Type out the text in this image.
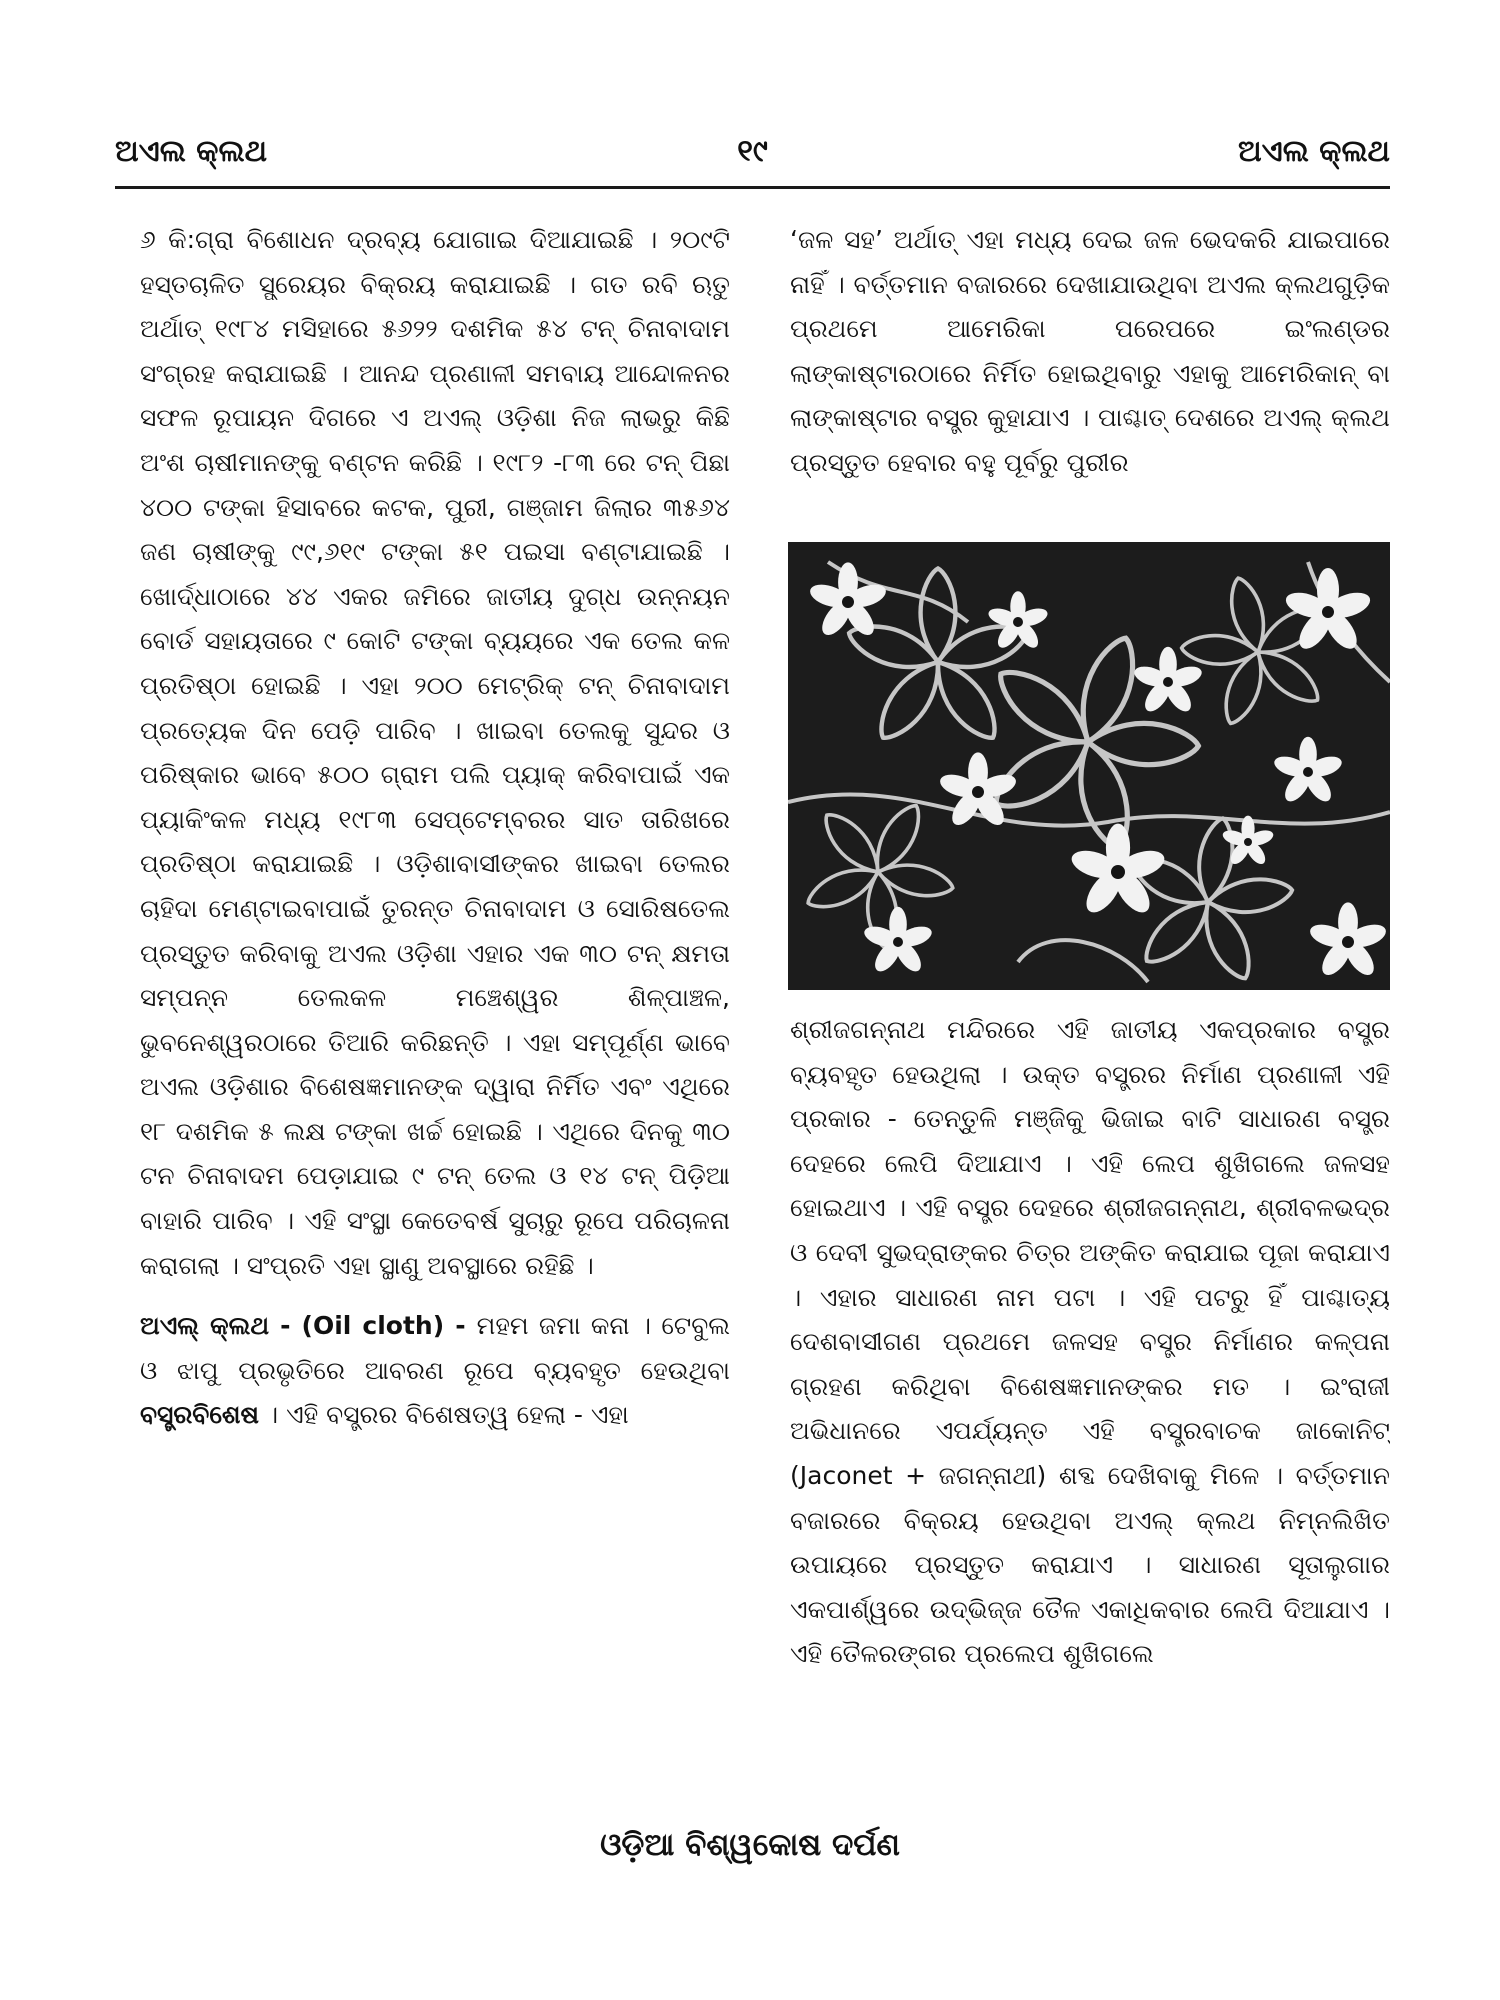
ଅଏଲ କ୍ଲଥ	୧୯	ଅଏଲ କ୍ଲଥ

୬ କି:ଗ୍ରା ବିଶୋଧନ ଦ୍ରବ୍ୟ ଯୋଗାଇ ଦିଆଯାଇଛି । ୨୦୯ଟି ହସ୍ତଚାଳିତ ସ୍ପ୍ରେୟର ବିକ୍ରୟ କରାଯାଇଛି । ଗତ ରବି ଋତୁ ଅର୍ଥାତ୍ ୧୯୮୪ ମସିହାରେ ୫୬୨୨ ଦଶମିକ ୫୪ ଟନ୍ ଚିନାବାଦାମ ସଂଗ୍ରହ କରାଯାଇଛି । ଆନନ୍ଦ ପ୍ରଣାଳୀ ସମବାୟ ଆନ୍ଦୋଳନର ସଫଳ ରୂପାୟନ ଦିଗରେ ଏ ଅଏଲ୍ ଓଡ଼ିଶା ନିଜ ଲାଭରୁ କିଛି ଅଂଶ ଚାଷୀମାନଙ୍କୁ ବଣ୍ଟନ କରିଛି । ୧୯୮୨ -୮୩ ରେ ଟନ୍ ପିଛା ୪୦୦ ଟଙ୍କା ହିସାବରେ କଟକ, ପୁରୀ, ଗଞ୍ଜାମ ଜିଲାର ୩୫୬୪ ଜଣ ଚାଷୀଙ୍କୁ ୯୯,୬୧୯ ଟଙ୍କା ୫୧ ପଇସା ବଣ୍ଟାଯାଇଛି । ଖୋର୍ଦ୍ଧାଠାରେ ୪୪ ଏକର ଜମିରେ ଜାତୀୟ ଦୁଗ୍ଧ ଉନ୍ନୟନ ବୋର୍ଡ ସହାୟତାରେ ୯ କୋଟି ଟଙ୍କା ବ୍ୟୟରେ ଏକ ତେଲ କଳ ପ୍ରତିଷ୍ଠା ହୋଇଛି । ଏହା ୨୦୦ ମେଟ୍ରିକ୍ ଟନ୍ ଚିନାବାଦାମ ପ୍ରତ୍ୟେକ ଦିନ ପେଡ଼ି ପାରିବ । ଖାଇବା ତେଲକୁ ସୁନ୍ଦର ଓ ପରିଷ୍କାର ଭାବେ ୫୦୦ ଗ୍ରାମ ପଲି ପ୍ୟାକ୍ କରିବାପାଇଁ ଏକ ପ୍ୟାକିଂକଳ ମଧ୍ୟ ୧୯୮୩ ସେପ୍ଟେମ୍ବରର ସାତ ତାରିଖରେ ପ୍ରତିଷ୍ଠା କରାଯାଇଛି । ଓଡ଼ିଶାବାସୀଙ୍କର ଖାଇବା ତେଲର ଚାହିଦା ମେଣ୍ଟାଇବାପାଇଁ ତୁରନ୍ତ ଚିନାବାଦାମ ଓ ସୋରିଷତେଲ ପ୍ରସ୍ତୁତ କରିବାକୁ ଅଏଲ ଓଡ଼ିଶା ଏହାର ଏକ ୩୦ ଟନ୍ କ୍ଷମତା ସମ୍ପନ୍ନ ତେଲକଳ ମଞ୍ଚେଶ୍ୱର ଶିଳ୍ପାଞ୍ଚଳ, ଭୁବନେଶ୍ୱରଠାରେ ତିଆରି କରିଛନ୍ତି । ଏହା ସମ୍ପୂର୍ଣ୍ଣ ଭାବେ ଅଏଲ ଓଡ଼ିଶାର ବିଶେଷଜ୍ଞମାନଙ୍କ ଦ୍ୱାରା ନିର୍ମିତ ଏବଂ ଏଥିରେ ୧୮ ଦଶମିକ ୫ ଲକ୍ଷ ଟଙ୍କା ଖର୍ଚ୍ଚ ହୋଇଛି । ଏଥିରେ ଦିନକୁ ୩୦ ଟନ ଚିନାବାଦମ ପେଡ଼ାଯାଇ ୯ ଟନ୍ ତେଲ ଓ ୧୪ ଟନ୍ ପିଡ଼ିଆ ବାହାରି ପାରିବ । ଏହି ସଂସ୍ଥା କେତେବର୍ଷ ସୁଚାରୁ ରୂପେ ପରିଚାଳନା କରାଗଲା । ସଂପ୍ରତି ଏହା ସ୍ଥାଣୁ ଅବସ୍ଥାରେ ରହିଛି ।

ଅଏଲ୍ କ୍ଲଥ - (Oil cloth) - ମହମ ଜମା କନା । ଟେବୁଲ ଓ ଝାପୁ ପ୍ରଭୃତିରେ ଆବରଣ ରୂପେ ବ୍ୟବହୃତ ହେଉଥିବା ବସ୍ତ୍ରବିଶେଷ । ଏହି ବସ୍ତ୍ରର ବିଶେଷତ୍ୱ ହେଲା - ଏହା

‘ଜଳ ସହ’ ଅର୍ଥାତ୍ ଏହା ମଧ୍ୟ ଦେଇ ଜଳ ଭେଦକରି ଯାଇପାରେ ନାହିଁ । ବର୍ତ୍ତମାନ ବଜାରରେ ଦେଖାଯାଉଥିବା ଅଏଲ କ୍ଲଥଗୁଡ଼ିକ ପ୍ରଥମେ ଆମେରିକା ପରେପରେ ଇଂଲଣ୍ଡର ଲାଙ୍କାଷ୍ଟାରଠାରେ ନିର୍ମିତ ହୋଇଥିବାରୁ ଏହାକୁ ଆମେରିକାନ୍ ବା ଲାଙ୍କାଷ୍ଟାର ବସ୍ତ୍ର କୁହାଯାଏ । ପାଶ୍ଚାତ୍ ଦେଶରେ ଅଏଲ୍ କ୍ଲଥ ପ୍ରସ୍ତୁତ ହେବାର ବହୁ ପୂର୍ବରୁ ପୁରୀର

ଶ୍ରୀଜଗନ୍ନାଥ ମନ୍ଦିରରେ ଏହି ଜାତୀୟ ଏକପ୍ରକାର ବସ୍ତ୍ର ବ୍ୟବହୃତ ହେଉଥିଲା । ଉକ୍ତ ବସ୍ତ୍ରର ନିର୍ମାଣ ପ୍ରଣାଳୀ ଏହି ପ୍ରକାର - ତେନ୍ତୁଳି ମଞ୍ଜିକୁ ଭିଜାଇ ବାଟି ସାଧାରଣ ବସ୍ତ୍ର ଦେହରେ ଲେପି ଦିଆଯାଏ । ଏହି ଲେପ ଶୁଖିଗଲେ ଜଳସହ ହୋଇଥାଏ । ଏହି ବସ୍ତ୍ର ଦେହରେ ଶ୍ରୀଜଗନ୍ନାଥ, ଶ୍ରୀବଳଭଦ୍ର ଓ ଦେବୀ ସୁଭଦ୍ରାଙ୍କର ଚିତ୍ର ଅଙ୍କିତ କରାଯାଇ ପୂଜା କରାଯାଏ । ଏହାର ସାଧାରଣ ନାମ ପଟା । ଏହି ପଟରୁ ହିଁ ପାଶ୍ଚାତ୍ୟ ଦେଶବାସୀଗଣ ପ୍ରଥମେ ଜଳସହ ବସ୍ତ୍ର ନିର୍ମାଣର କଳ୍ପନା ଗ୍ରହଣ କରିଥିବା ବିଶେଷଜ୍ଞମାନଙ୍କର ମତ । ଇଂରାଜୀ ଅଭିଧାନରେ ଏପର୍ଯ୍ୟନ୍ତ ଏହି ବସ୍ତ୍ରବାଚକ ଜାକୋନିଟ୍ (Jaconet + ଜଗନ୍ନାଥୀ) ଶବ୍ଦ ଦେଖିବାକୁ ମିଳେ । ବର୍ତ୍ତମାନ ବଜାରରେ ବିକ୍ରୟ ହେଉଥିବା ଅଏଲ୍ କ୍ଲଥ ନିମ୍ନଲିଖିତ ଉପାୟରେ ପ୍ରସ୍ତୁତ କରାଯାଏ । ସାଧାରଣ ସୂତାଲୁଗାର ଏକପାର୍ଶ୍ୱରେ ଉଦ୍ଭିଜ୍ଜ ତୈଳ ଏକାଧିକବାର ଲେପି ଦିଆଯାଏ । ଏହି ତୈଳରଙ୍ଗର ପ୍ରଲେପ ଶୁଖିଗଲେ

ଓଡ଼ିଆ ବିଶ୍ୱକୋଷ ଦର୍ପଣ
